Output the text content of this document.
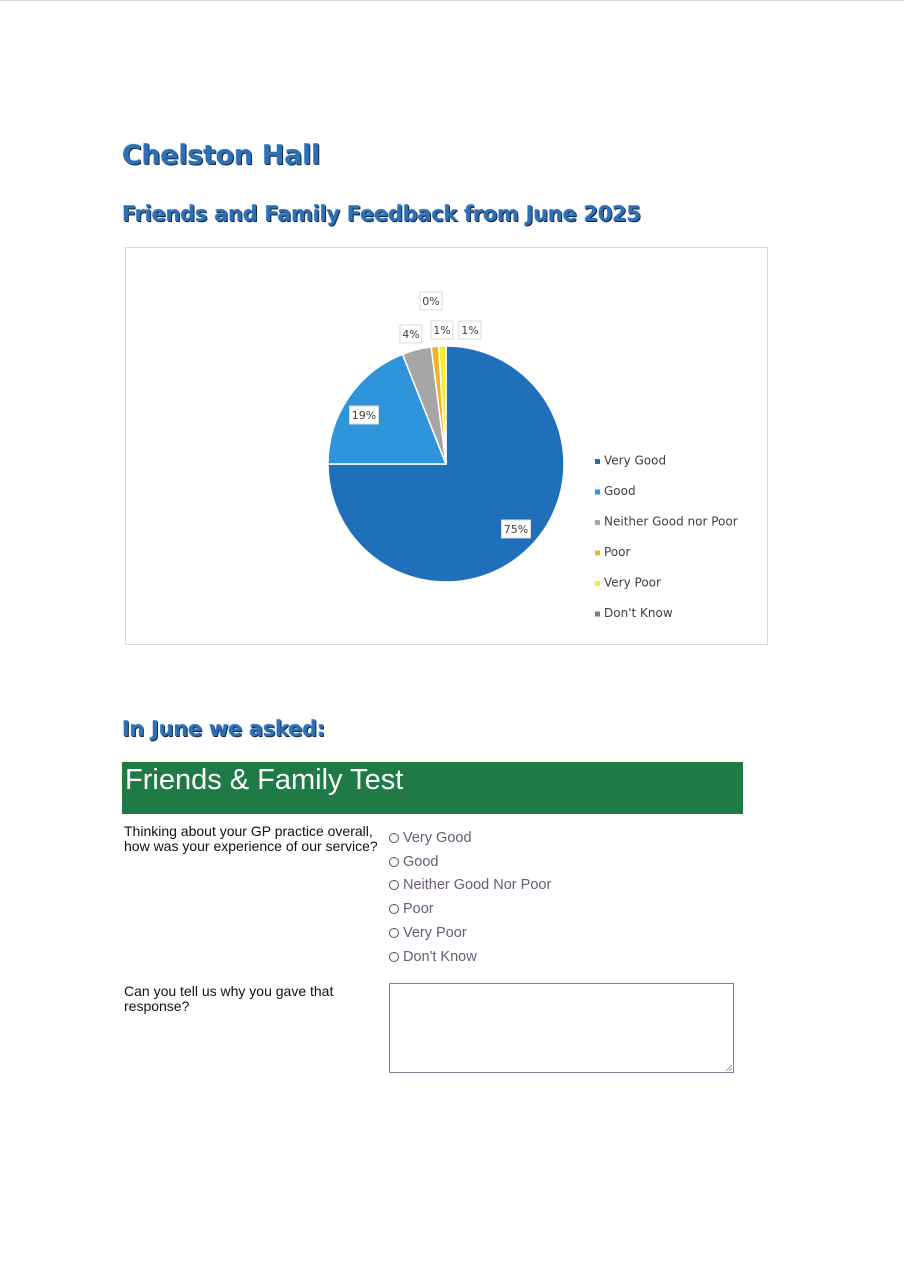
Chelston Hall
Friends and Family Feedback from June 2025
75%
19%
4% 1% 1%
0%
Very Good
Good
Neither Good nor Poor
Poor
Very Poor
Don't Know
In June we asked:
Friends & Family Test
Thinking about your GP practice overall, how was your experience of our service?
Very Good
Good
Neither Good Nor Poor
Poor
Very Poor
Don't Know
Can you tell us why you gave that response?
